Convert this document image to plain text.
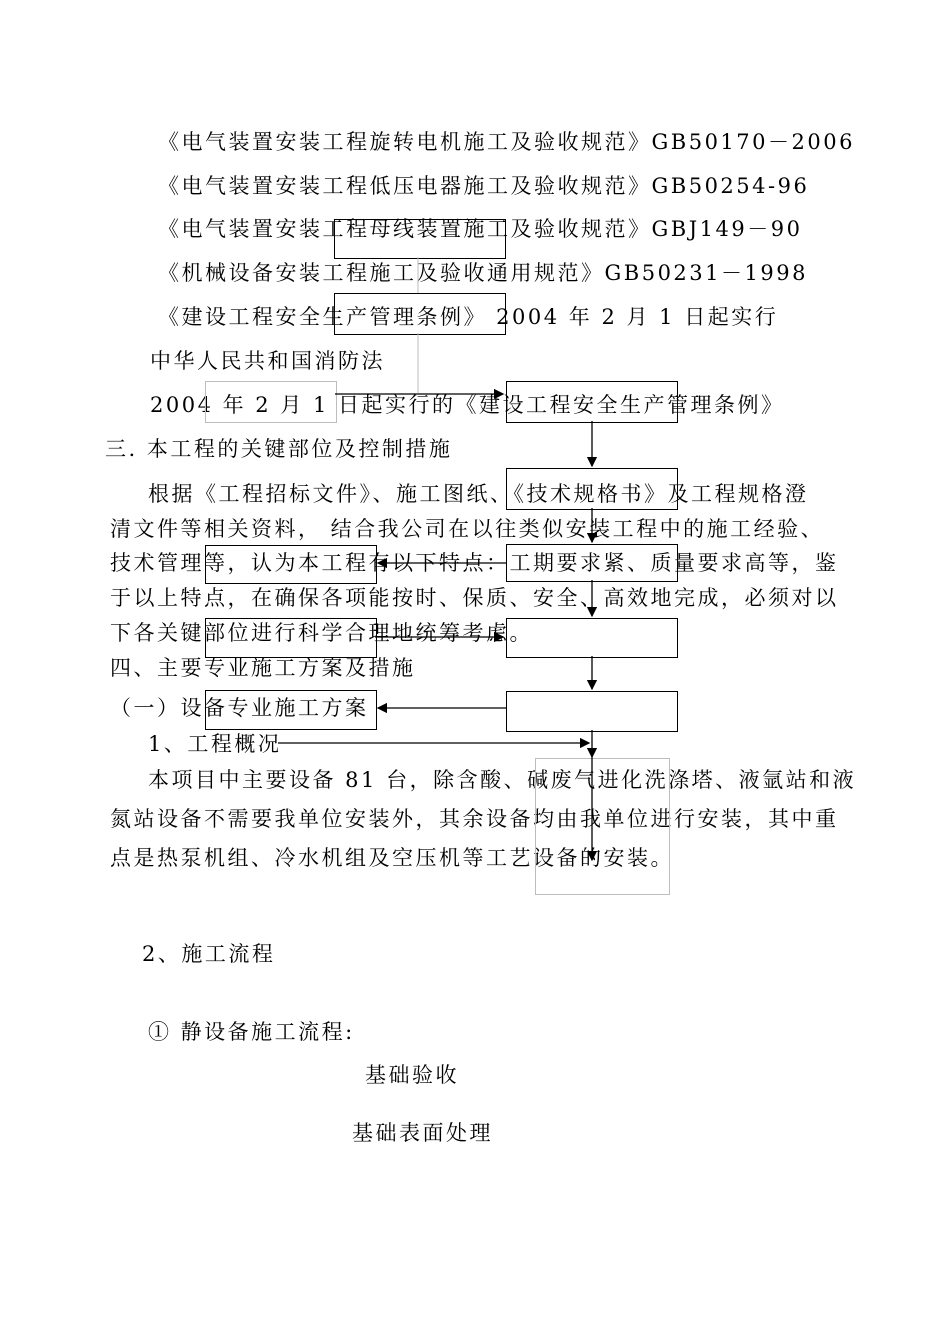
《电气装置安装工程旋转电机施工及验收规范》GB50170－2006
《电气装置安装工程低压电器施工及验收规范》GB50254-96
《电气装置安装工程母线装置施工及验收规范》GBJ149－90
《机械设备安装工程施工及验收通用规范》GB50231－1998
《建设工程安全生产管理条例》 2004 年 2 月 1 日起实行
中华人民共和国消防法
2004 年 2 月 1 日起实行的《建设工程安全生产管理条例》
三. 本工程的关键部位及控制措施
根据《工程招标文件》、施工图纸、《技术规格书》及工程规格澄
清文件等相关资料， 结合我公司在以往类似安装工程中的施工经验、
技术管理等，认为本工程有以下特点：工期要求紧、质量要求高等，鉴
于以上特点，在确保各项能按时、保质、安全、高效地完成，必须对以
下各关键部位进行科学合理地统筹考虑。
四、主要专业施工方案及措施
（一）设备专业施工方案
1、工程概况
本项目中主要设备 81 台，除含酸、碱废气进化洗涤塔、液氩站和液
氮站设备不需要我单位安装外，其余设备均由我单位进行安装，其中重
点是热泵机组、冷水机组及空压机等工艺设备的安装。
2、施工流程
① 静设备施工流程:
基础验收
基础表面处理
